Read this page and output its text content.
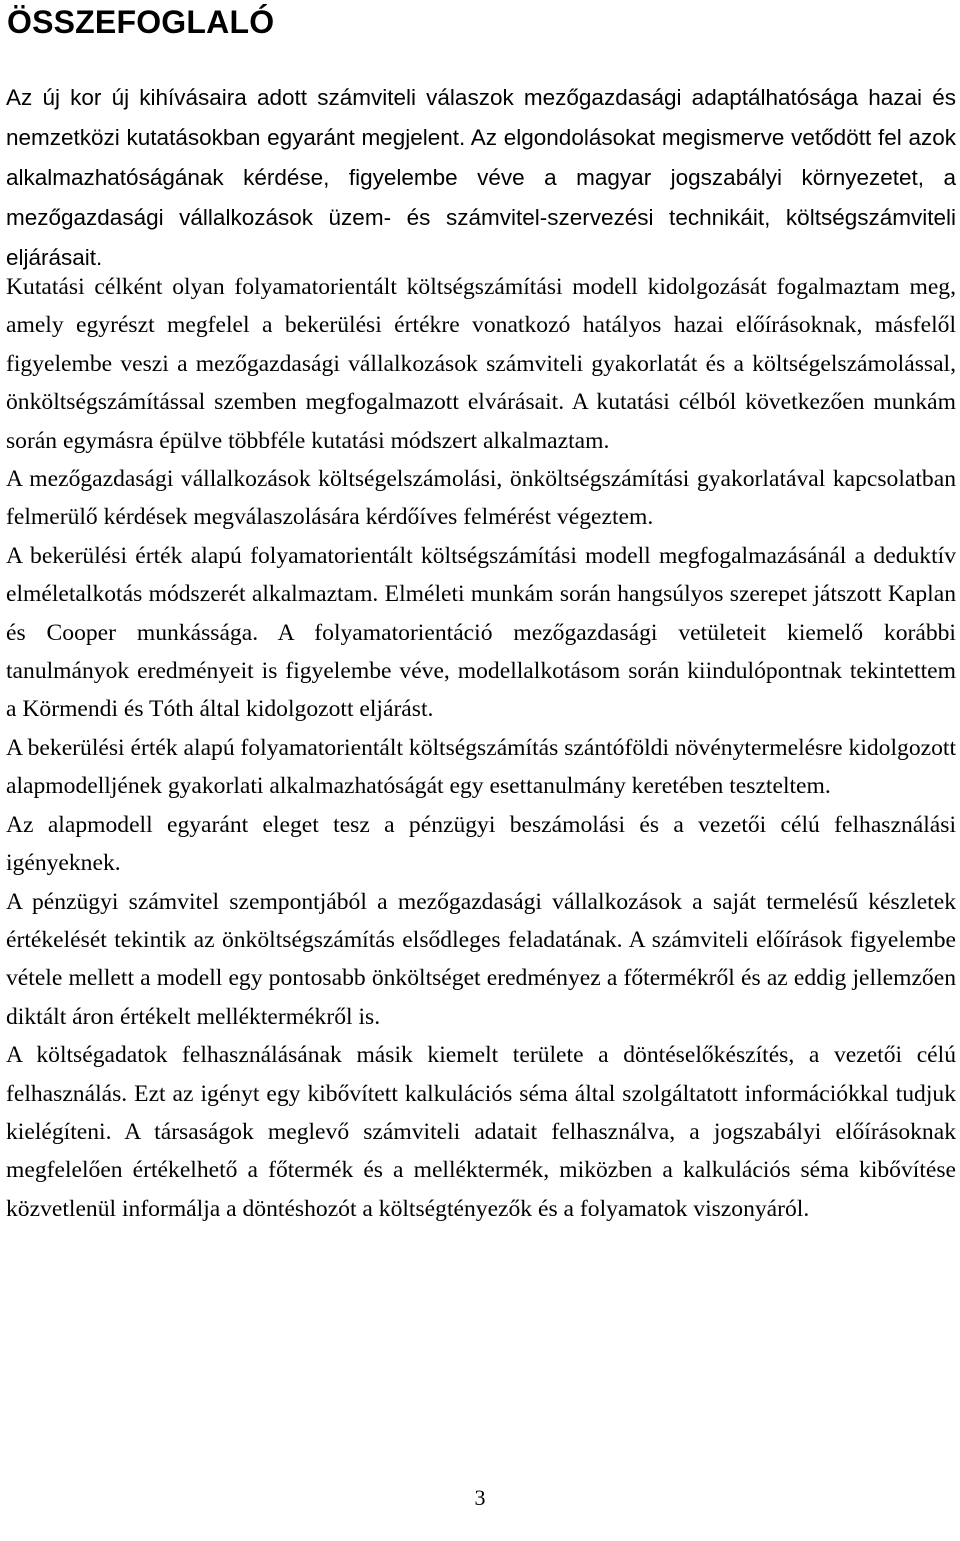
ÖSSZEFOGLALÓ

Az új kor új kihívásaira adott számviteli válaszok mezőgazdasági adaptálhatósága hazai és nemzetközi kutatásokban egyaránt megjelent. Az elgondolásokat megismerve vetődött fel azok alkalmazhatóságának kérdése, figyelembe véve a magyar jogszabályi környezetet, a mezőgazdasági vállalkozások üzem- és számvitel-szervezési technikáit, költségszámviteli eljárásait.

Kutatási célként olyan folyamatorientált költségszámítási modell kidolgozását fogalmaztam meg, amely egyrészt megfelel a bekerülési értékre vonatkozó hatályos hazai előírásoknak, másfelől figyelembe veszi a mezőgazdasági vállalkozások számviteli gyakorlatát és a költségelszámolással, önköltségszámítással szemben megfogalmazott elvárásait. A kutatási célból következően munkám során egymásra épülve többféle kutatási módszert alkalmaztam.

A mezőgazdasági vállalkozások költségelszámolási, önköltségszámítási gyakorlatával kapcsolatban felmerülő kérdések megválaszolására kérdőíves felmérést végeztem.

A bekerülési érték alapú folyamatorientált költségszámítási modell megfogalmazásánál a deduktív elméletalkotás módszerét alkalmaztam. Elméleti munkám során hangsúlyos szerepet játszott Kaplan és Cooper munkássága. A folyamatorientáció mezőgazdasági vetületeit kiemelő korábbi tanulmányok eredményeit is figyelembe véve, modellalkotásom során kiindulópontnak tekintettem a Körmendi és Tóth által kidolgozott eljárást.

A bekerülési érték alapú folyamatorientált költségszámítás szántóföldi növénytermelésre kidolgozott alapmodelljének gyakorlati alkalmazhatóságát egy esettanulmány keretében teszteltem.

Az alapmodell egyaránt eleget tesz a pénzügyi beszámolási és a vezetői célú felhasználási igényeknek.

A pénzügyi számvitel szempontjából a mezőgazdasági vállalkozások a saját termelésű készletek értékelését tekintik az önköltségszámítás elsődleges feladatának. A számviteli előírások figyelembe vétele mellett a modell egy pontosabb önköltséget eredményez a főtermékről és az eddig jellemzően diktált áron értékelt melléktermékről is.

A költségadatok felhasználásának másik kiemelt területe a döntéselőkészítés, a vezetői célú felhasználás. Ezt az igényt egy kibővített kalkulációs séma által szolgáltatott információkkal tudjuk kielégíteni. A társaságok meglevő számviteli adatait felhasználva, a jogszabályi előírásoknak megfelelően értékelhető a főtermék és a melléktermék, miközben a kalkulációs séma kibővítése közvetlenül informálja a döntéshozót a költségtényezők és a folyamatok viszonyáról.

3
